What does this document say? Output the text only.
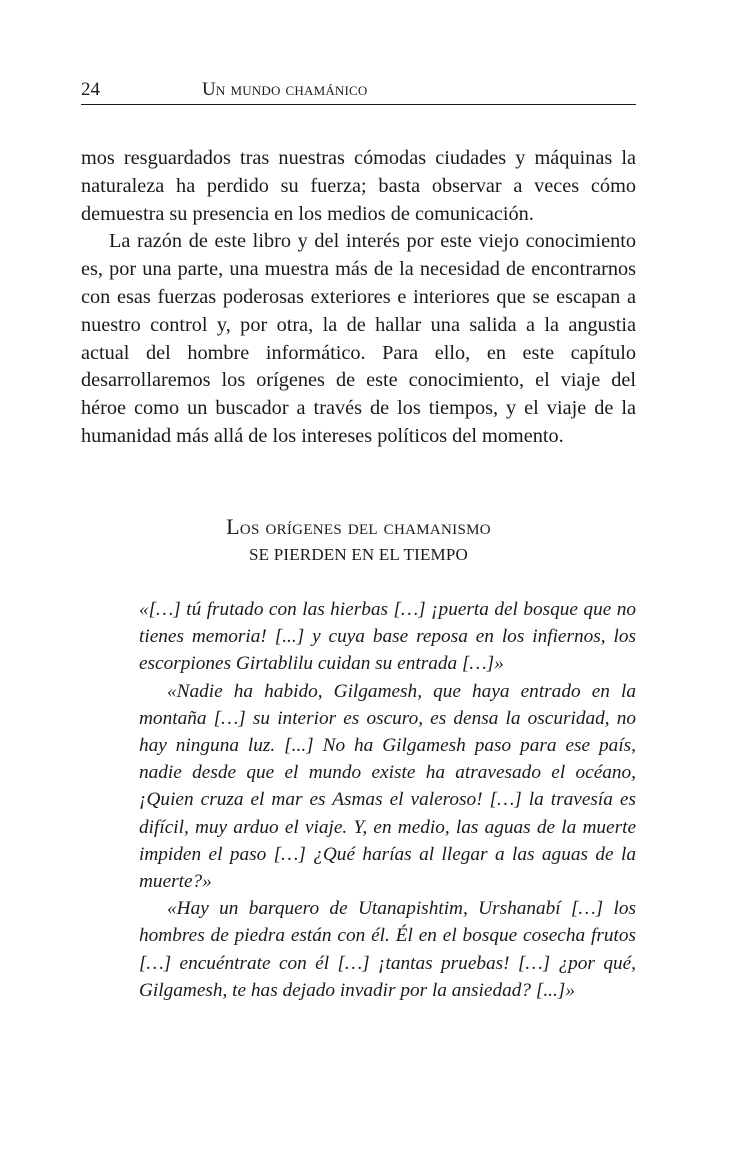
24	Un mundo chamánico

mos resguardados tras nuestras cómodas ciudades y máquinas la naturaleza ha perdido su fuerza; basta observar a veces cómo demuestra su presencia en los medios de comunicación.

La razón de este libro y del interés por este viejo conocimiento es, por una parte, una muestra más de la necesidad de encontrarnos con esas fuerzas poderosas exteriores e interiores que se escapan a nuestro control y, por otra, la de hallar una salida a la angustia actual del hombre informático. Para ello, en este capítulo desarrollaremos los orígenes de este conocimiento, el viaje del héroe como un buscador a través de los tiempos, y el viaje de la humanidad más allá de los intereses políticos del momento.

Los orígenes del chamanismo
SE PIERDEN EN EL TIEMPO

«[…] tú frutado con las hierbas […] ¡puerta del bosque que no tienes memoria! [...] y cuya base reposa en los infiernos, los escorpiones Girtablilu cuidan su entrada […]»

«Nadie ha habido, Gilgamesh, que haya entrado en la montaña […] su interior es oscuro, es densa la oscuridad, no hay ninguna luz. [...] No ha Gilgamesh paso para ese país, nadie desde que el mundo existe ha atravesado el océano, ¡Quien cruza el mar es Asmas el valeroso! […] la travesía es difícil, muy arduo el viaje. Y, en medio, las aguas de la muerte impiden el paso […] ¿Qué harías al llegar a las aguas de la muerte?»

«Hay un barquero de Utanapishtim, Urshanabí […] los hombres de piedra están con él. Él en el bosque cosecha frutos […] encuéntrate con él […] ¡tantas pruebas! […] ¿por qué, Gilgamesh, te has dejado invadir por la ansiedad? [...]»
